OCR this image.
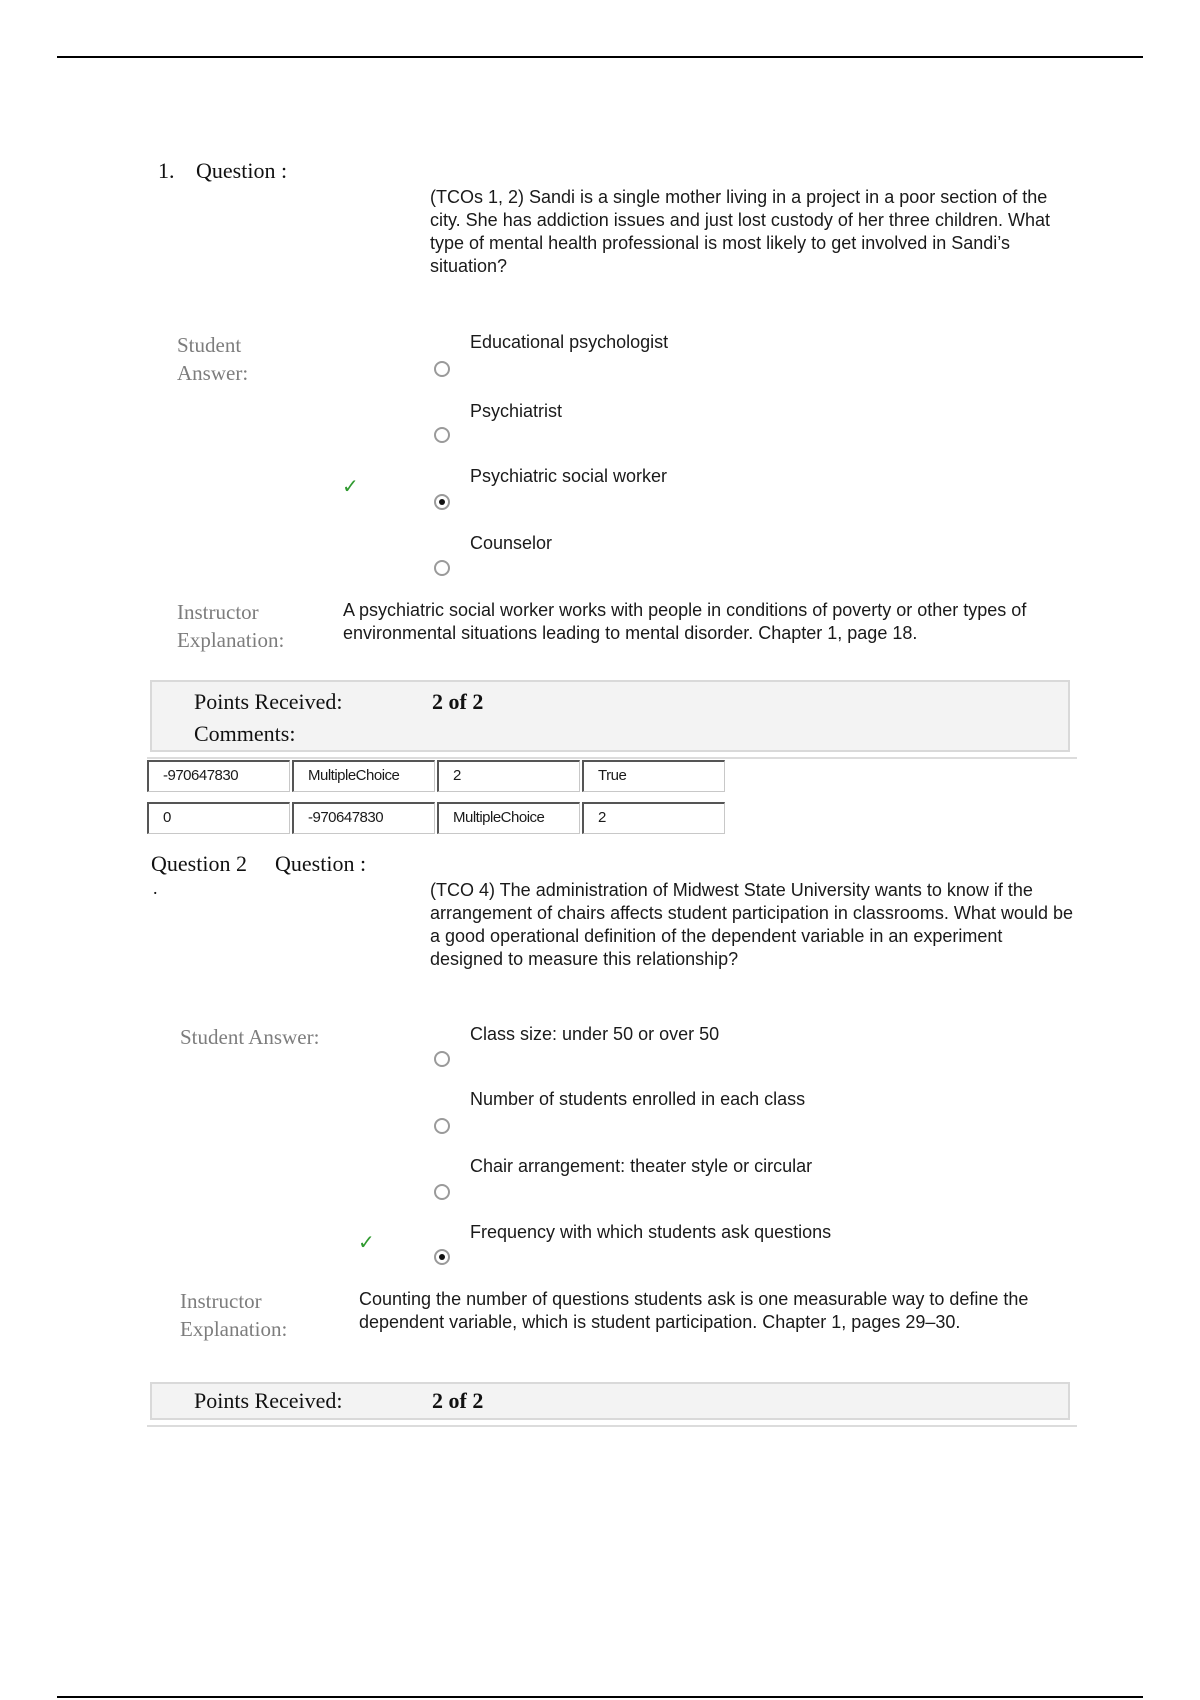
1. Question :
(TCOs 1, 2) Sandi is a single mother living in a project in a poor section of the city. She has addiction issues and just lost custody of her three children. What type of mental health professional is most likely to get involved in Sandi’s situation?
Student
Answer:
Educational psychologist
Psychiatrist
✓	Psychiatric social worker
Counselor
Instructor
Explanation:
A psychiatric social worker works with people in conditions of poverty or other types of environmental situations leading to mental disorder. Chapter 1, page 18.
Points Received:	2 of 2
Comments:
-970647830	MultipleChoice	2	True
0	-970647830	MultipleChoice	2
Question 2 Question :
.	(TCO 4) The administration of Midwest State University wants to know if the arrangement of chairs affects student participation in classrooms. What would be a good operational definition of the dependent variable in an experiment designed to measure this relationship?
Student Answer:	Class size: under 50 or over 50
Number of students enrolled in each class
Chair arrangement: theater style or circular
✓	Frequency with which students ask questions
Instructor
Explanation:
Counting the number of questions students ask is one measurable way to define the dependent variable, which is student participation. Chapter 1, pages 29–30.
Points Received:	2 of 2
